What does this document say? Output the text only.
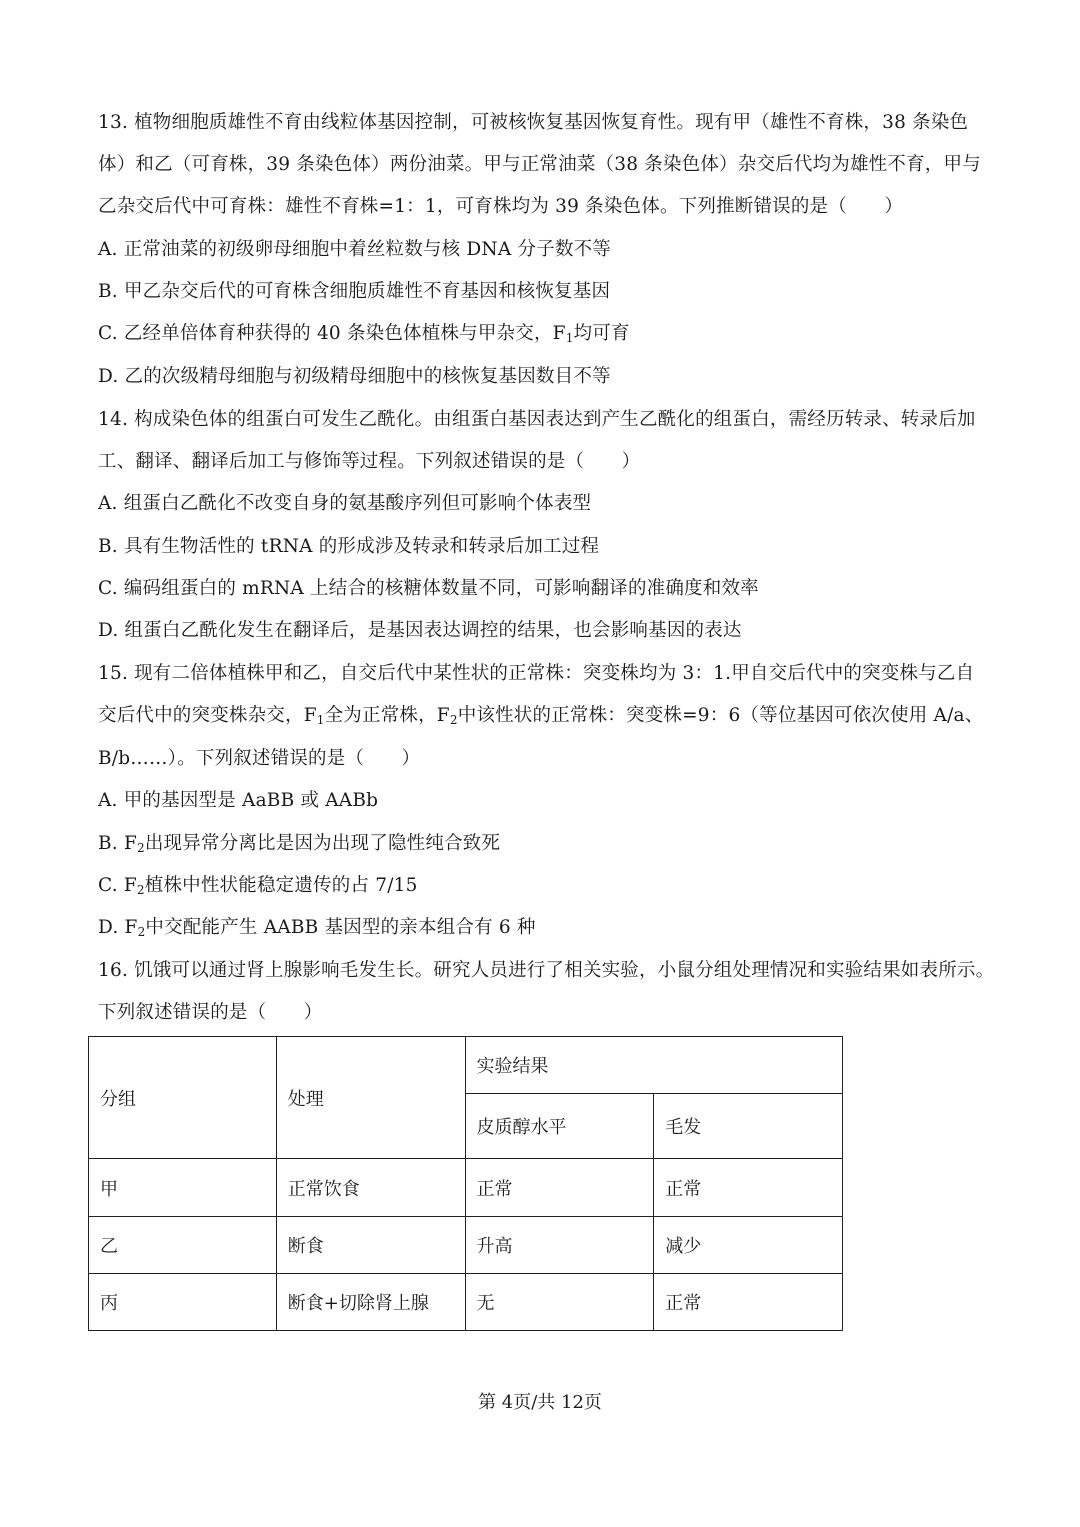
13. 植物细胞质雄性不育由线粒体基因控制，可被核恢复基因恢复育性。现有甲（雄性不育株，38 条染色
体）和乙（可育株，39 条染色体）两份油菜。甲与正常油菜（38 条染色体）杂交后代均为雄性不育，甲与
乙杂交后代中可育株：雄性不育株=1：1，可育株均为 39 条染色体。下列推断错误的是（　　）
A. 正常油菜的初级卵母细胞中着丝粒数与核 DNA 分子数不等
B. 甲乙杂交后代的可育株含细胞质雄性不育基因和核恢复基因
C. 乙经单倍体育种获得的 40 条染色体植株与甲杂交，$F_1$均可育
D. 乙的次级精母细胞与初级精母细胞中的核恢复基因数目不等
14. 构成染色体的组蛋白可发生乙酰化。由组蛋白基因表达到产生乙酰化的组蛋白，需经历转录、转录后加
工、翻译、翻译后加工与修饰等过程。下列叙述错误的是（　　）
A. 组蛋白乙酰化不改变自身的氨基酸序列但可影响个体表型
B. 具有生物活性的 tRNA 的形成涉及转录和转录后加工过程
C. 编码组蛋白的 mRNA 上结合的核糖体数量不同，可影响翻译的准确度和效率
D. 组蛋白乙酰化发生在翻译后，是基因表达调控的结果，也会影响基因的表达
15. 现有二倍体植株甲和乙，自交后代中某性状的正常株：突变株均为 3：1.甲自交后代中的突变株与乙自
交后代中的突变株杂交，$F_1$全为正常株，$F_2$中该性状的正常株：突变株=9：6（等位基因可依次使用 A/a、
B/b……）。下列叙述错误的是（　　）
A. 甲的基因型是 AaBB 或 AABb
B. $F_2$出现异常分离比是因为出现了隐性纯合致死
C. $F_2$植株中性状能稳定遗传的占 7/15
D. $F_2$中交配能产生 AABB 基因型的亲本组合有 6 种
16. 饥饿可以通过肾上腺影响毛发生长。研究人员进行了相关实验，小鼠分组处理情况和实验结果如表所示。
下列叙述错误的是（　　）
分组	处理	实验结果	
		皮质醇水平	毛发
甲	正常饮食	正常	正常
乙	断食	升高	减少
丙	断食+切除肾上腺	无	正常
第 4页/共 12页
